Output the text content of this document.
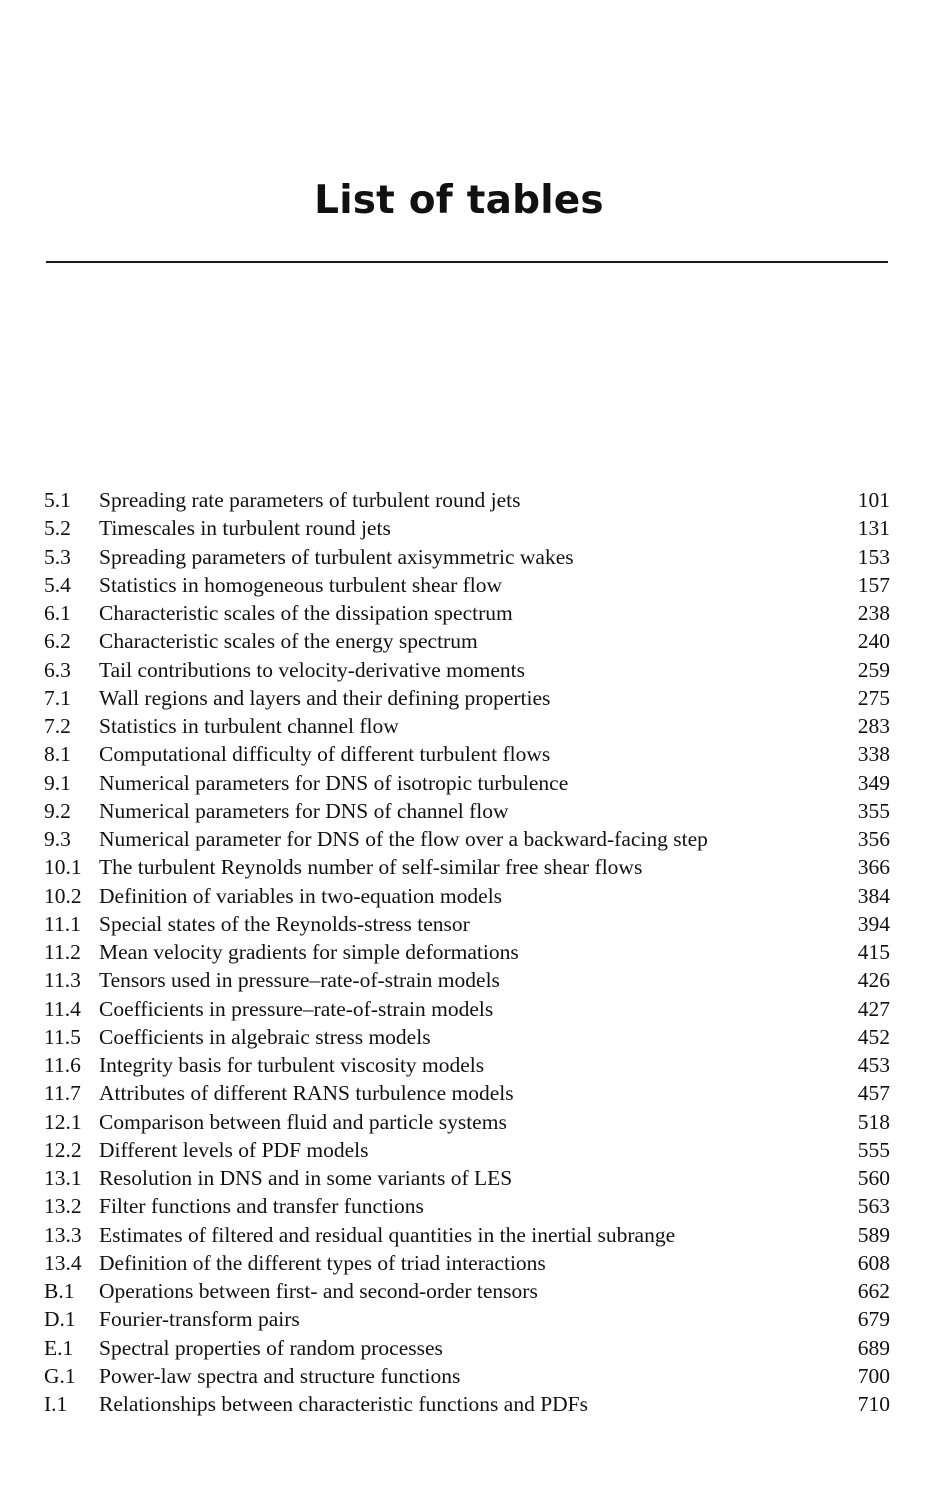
List of tables
5.1 Spreading rate parameters of turbulent round jets	101
5.2 Timescales in turbulent round jets	131
5.3 Spreading parameters of turbulent axisymmetric wakes	153
5.4 Statistics in homogeneous turbulent shear flow	157
6.1 Characteristic scales of the dissipation spectrum	238
6.2 Characteristic scales of the energy spectrum	240
6.3 Tail contributions to velocity-derivative moments	259
7.1 Wall regions and layers and their defining properties	275
7.2 Statistics in turbulent channel flow	283
8.1 Computational difficulty of different turbulent flows	338
9.1 Numerical parameters for DNS of isotropic turbulence	349
9.2 Numerical parameters for DNS of channel flow	355
9.3 Numerical parameter for DNS of the flow over a backward-facing step	356
10.1 The turbulent Reynolds number of self-similar free shear flows	366
10.2 Definition of variables in two-equation models	384
11.1 Special states of the Reynolds-stress tensor	394
11.2 Mean velocity gradients for simple deformations	415
11.3 Tensors used in pressure–rate-of-strain models	426
11.4 Coefficients in pressure–rate-of-strain models	427
11.5 Coefficients in algebraic stress models	452
11.6 Integrity basis for turbulent viscosity models	453
11.7 Attributes of different RANS turbulence models	457
12.1 Comparison between fluid and particle systems	518
12.2 Different levels of PDF models	555
13.1 Resolution in DNS and in some variants of LES	560
13.2 Filter functions and transfer functions	563
13.3 Estimates of filtered and residual quantities in the inertial subrange	589
13.4 Definition of the different types of triad interactions	608
B.1 Operations between first- and second-order tensors	662
D.1 Fourier-transform pairs	679
E.1 Spectral properties of random processes	689
G.1 Power-law spectra and structure functions	700
I.1 Relationships between characteristic functions and PDFs	710
